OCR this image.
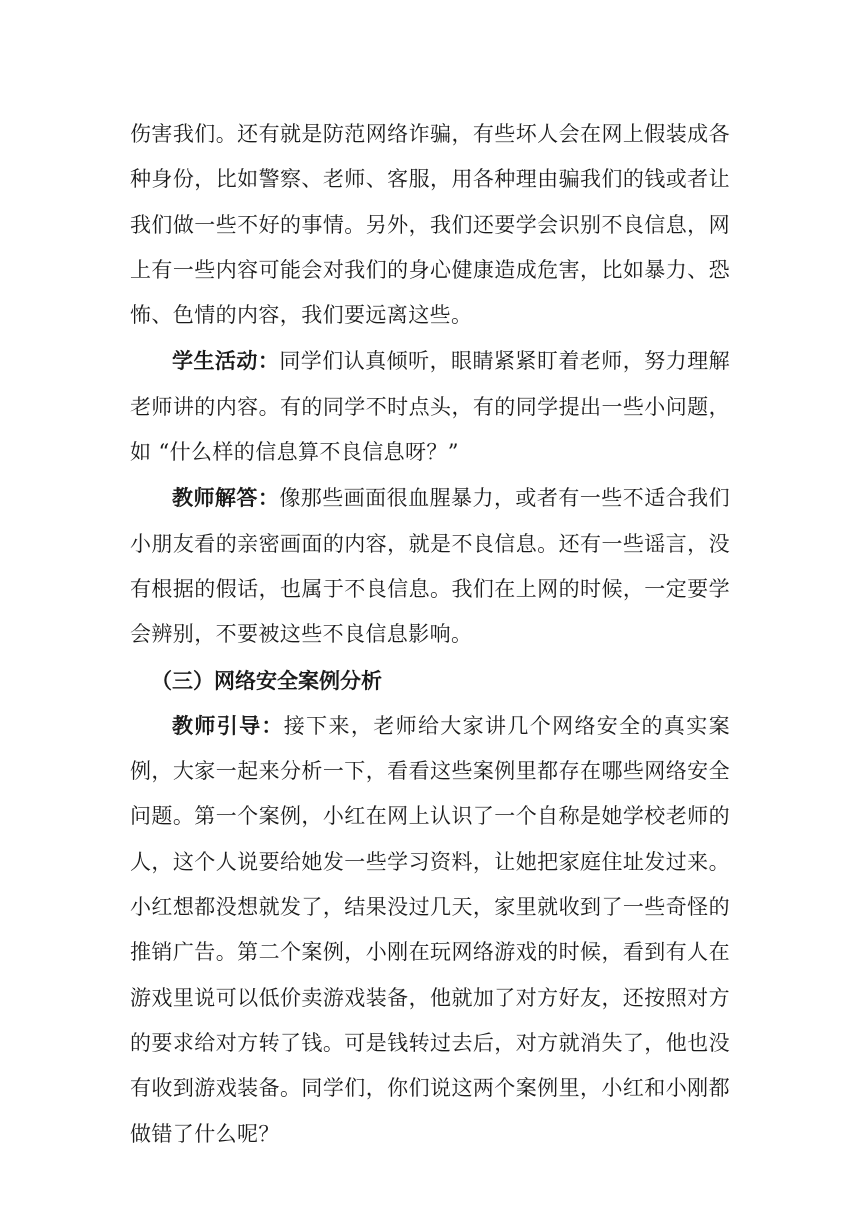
伤害我们。还有就是防范网络诈骗，有些坏人会在网上假装成各种身份，比如警察、老师、客服，用各种理由骗我们的钱或者让我们做一些不好的事情。另外，我们还要学会识别不良信息，网上有一些内容可能会对我们的身心健康造成危害，比如暴力、恐怖、色情的内容，我们要远离这些。

学生活动：同学们认真倾听，眼睛紧紧盯着老师，努力理解老师讲的内容。有的同学不时点头，有的同学提出一些小问题，如 “什么样的信息算不良信息呀？”

教师解答：像那些画面很血腥暴力，或者有一些不适合我们小朋友看的亲密画面的内容，就是不良信息。还有一些谣言，没有根据的假话，也属于不良信息。我们在上网的时候，一定要学会辨别，不要被这些不良信息影响。

（三）网络安全案例分析

教师引导：接下来，老师给大家讲几个网络安全的真实案例，大家一起来分析一下，看看这些案例里都存在哪些网络安全问题。第一个案例，小红在网上认识了一个自称是她学校老师的人，这个人说要给她发一些学习资料，让她把家庭住址发过来。小红想都没想就发了，结果没过几天，家里就收到了一些奇怪的推销广告。第二个案例，小刚在玩网络游戏的时候，看到有人在游戏里说可以低价卖游戏装备，他就加了对方好友，还按照对方的要求给对方转了钱。可是钱转过去后，对方就消失了，他也没有收到游戏装备。同学们，你们说这两个案例里，小红和小刚都做错了什么呢？
